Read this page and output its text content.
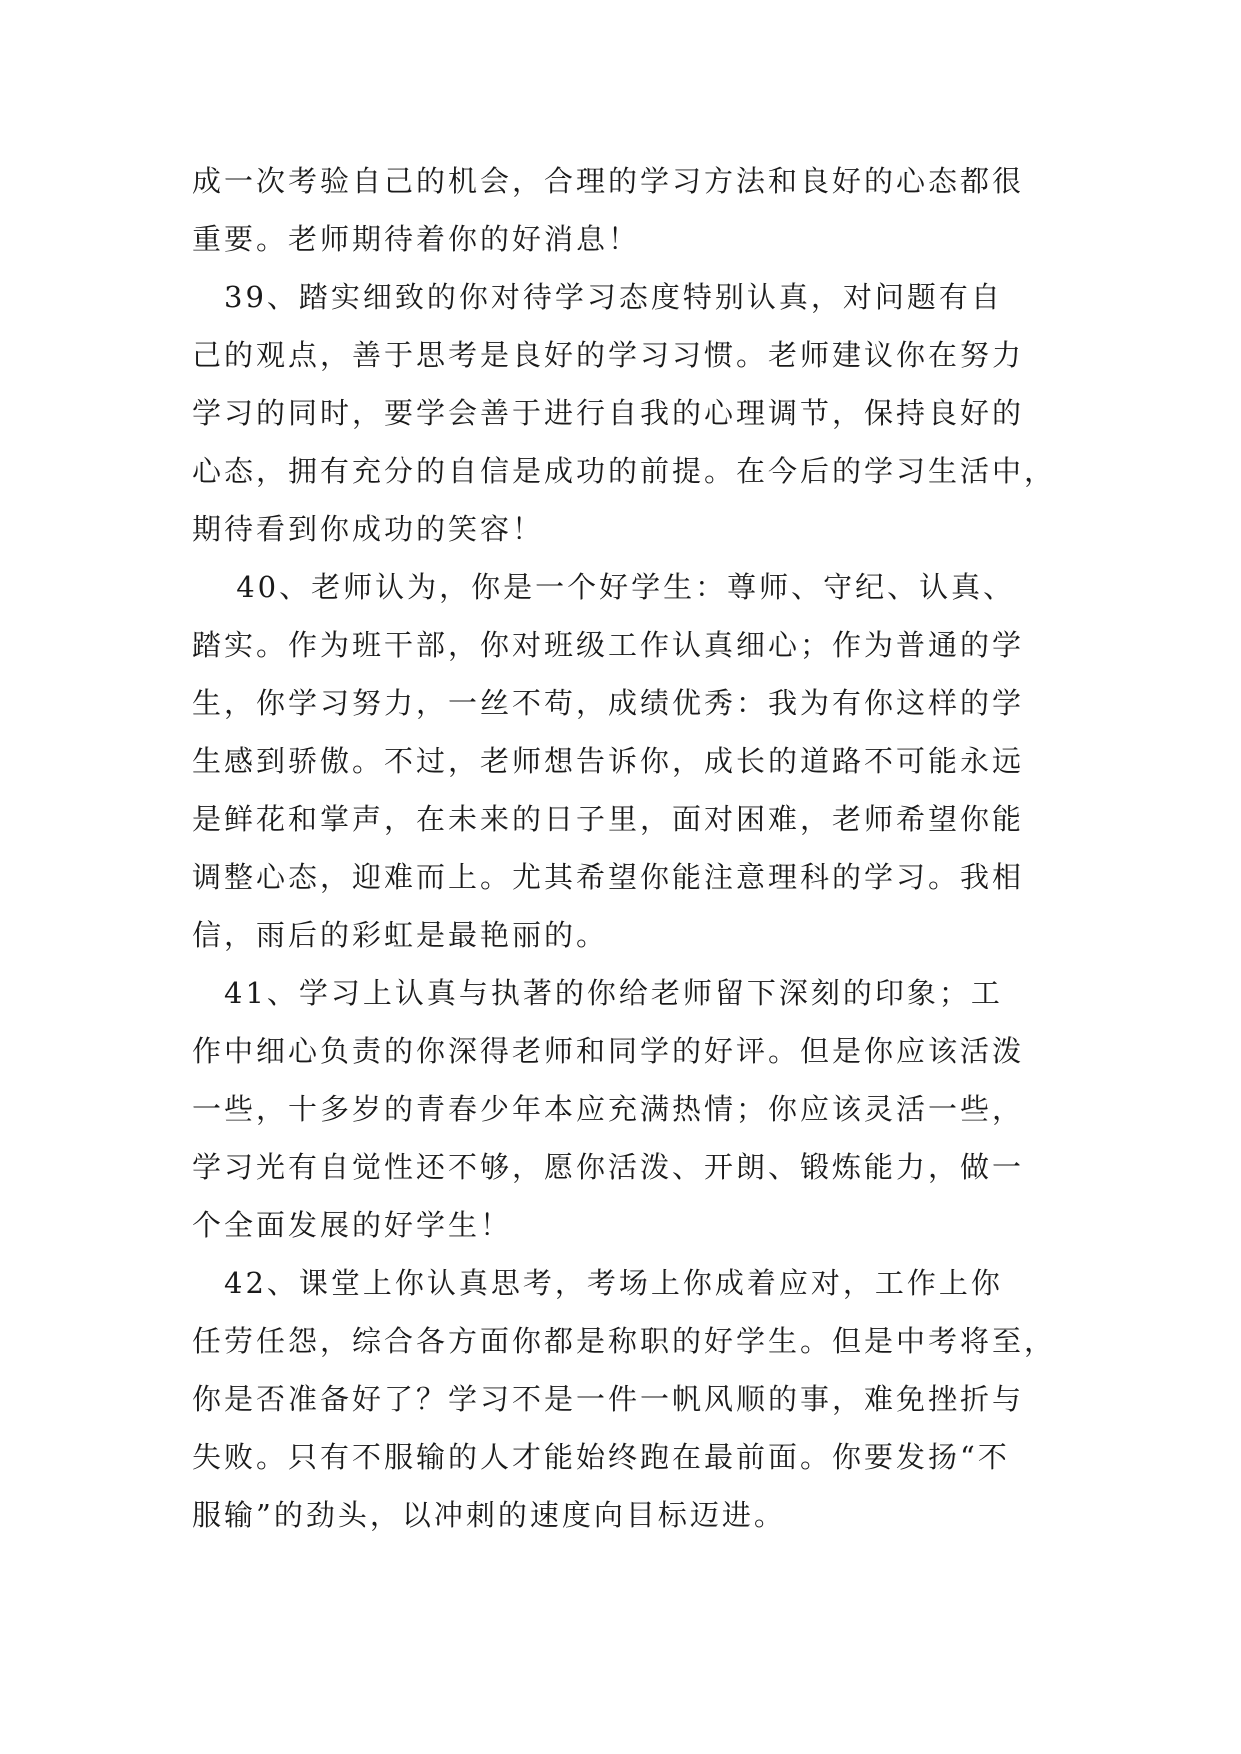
成一次考验自己的机会，合理的学习方法和良好的心态都很
重要。老师期待着你的好消息！
　39、踏实细致的你对待学习态度特别认真，对问题有自
己的观点，善于思考是良好的学习习惯。老师建议你在努力
学习的同时，要学会善于进行自我的心理调节，保持良好的
心态，拥有充分的自信是成功的前提。在今后的学习生活中，
期待看到你成功的笑容！
　 40、老师认为，你是一个好学生：尊师、守纪、认真、
踏实。作为班干部，你对班级工作认真细心；作为普通的学
生，你学习努力，一丝不苟，成绩优秀：我为有你这样的学
生感到骄傲。不过，老师想告诉你，成长的道路不可能永远
是鲜花和掌声，在未来的日子里，面对困难，老师希望你能
调整心态，迎难而上。尤其希望你能注意理科的学习。我相
信，雨后的彩虹是最艳丽的。
　41、学习上认真与执著的你给老师留下深刻的印象；工
作中细心负责的你深得老师和同学的好评。但是你应该活泼
一些，十多岁的青春少年本应充满热情；你应该灵活一些，
学习光有自觉性还不够，愿你活泼、开朗、锻炼能力，做一
个全面发展的好学生！
　42、课堂上你认真思考，考场上你成着应对，工作上你
任劳任怨，综合各方面你都是称职的好学生。但是中考将至，
你是否准备好了？学习不是一件一帆风顺的事，难免挫折与
失败。只有不服输的人才能始终跑在最前面。你要发扬“不
服输”的劲头，以冲刺的速度向目标迈进。
